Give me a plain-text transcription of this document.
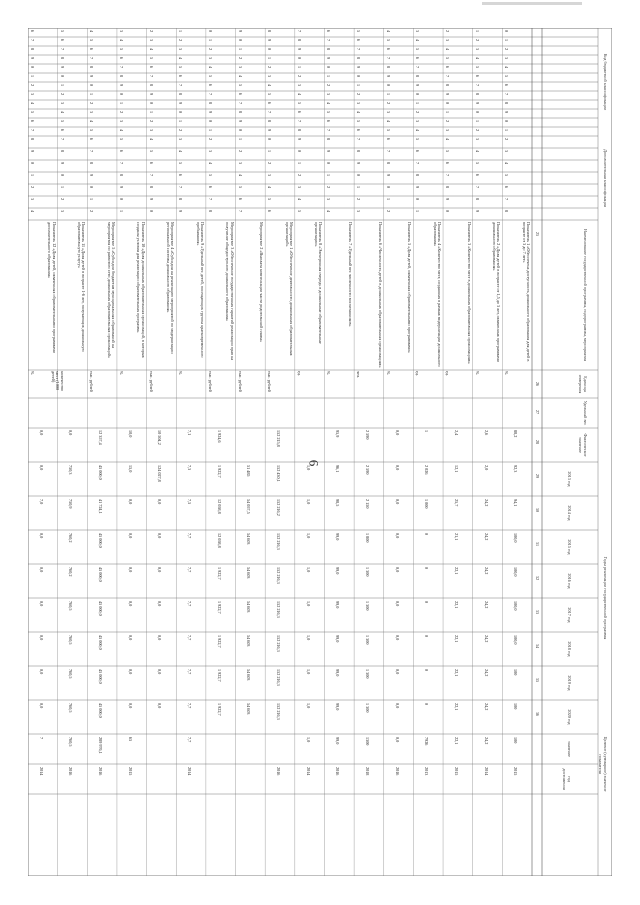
6
Код бюджетной классификации
Дополнительная классификация
Наименование государственной программы, подпрограммы, мероприятия
Единица измерения
Удельный вес
Фактическое значение
Годы реализации государственной программы
2013 год
2014 год
2015 год
2016 год
2017 год
2018 год
2019 год
2020 год
Целевое (суммарное) значение показателя
значение
год достижения
25
26
27
28
29
30
31
32
33
34
35
36
0
1
2
3
4
5
6
7
8
9
0
1
2
3
4
5
6
7
8
Показатель 1 «Обеспечена доступность дошкольного образования для детей в возрасте от 3 до 7 лет»
%
88,2
92,3
94,1
100,0
100,0
100,0
100,0
100
100
100
2015
1
2
3
4
5
6
7
8
9
0
1
2
3
4
5
6
7
8
9
Показатель 2 «Доля детей в возрасте от 1,5 до 3 лет, охваченных программами дошкольного образования»
%
2,6
2,0
24,2
24,2
24,2
24,2
24,2
24,2
24,2
24,2
2014
2
3
4
5
6
7
8
9
0
1
2
3
4
5
6
7
8
9
0
Показатель 3 «Количество мест в дошкольных образовательных организациях»
ед.
2,4
12,1
25,7
21,1
22,1
22,1
22,1
22,1
22,1
22,1
2015
3
4
5
6
7
8
9
0
1
2
3
4
5
6
7
8
9
0
1
Показатель 4 «Количество мест, созданных в рамках модернизации дошкольного образования»
ед.
1
2 026
1 000
0
0
0
0
0
0
7926
2013
4
5
6
7
8
9
0
1
2
3
4
5
6
7
8
9
0
1
2
Показатель 5 «Доля детей, охваченных образовательными программами»
%
0,0
0,0
0,0
0,0
0,0
0,0
0,0
0,0
0,0
0,0
2016
5
6
7
8
9
0
1
2
3
4
5
6
7
8
9
0
1
2
3
Показатель 6 «Численность детей в дошкольных образовательных организациях»
чел.
2 590
2 590
2 150
1 800
1 300
1 300
1 300
1 300
1 300
1300
2018
6
7
8
9
0
1
2
3
4
5
6
7
8
9
0
1
2
3
4
Показатель 7 «Удельный вес численности воспитанников»
%
95,9
96,1
98,5
99,0
99,0
99,0
99,0
99,0
99,0
99,0
2016
7
8
9
0
1
2
3
4
5
6
7
8
9
0
1
2
3
4
5
Показатель 8 «Электронная очередь в дошкольные образовательные организации»
ед.
1,0
1,0
1,0
1,0
1,0
1,0
1,0
1,0
1,0
2014
8
9
0
1
2
3
4
5
6
7
8
9
0
1
2
3
4
5
6
Мероприятие 1 «Обеспечение деятельности дошкольных образовательных организаций»
тыс. рублей
152 215,8
152 430,1
152 216,2
152 216,3
152 216,3
152 216,3
152 216,3
152 216,3
152 216,3
2016
9
0
1
2
3
4
5
6
7
8
9
0
1
2
3
4
5
6
7
Мероприятие 2 «Выплата компенсации части родительской платы»
тыс. рублей
51 485
54 057,5
54 603
54 603
54 603
54 603
54 603
54 603
0
1
2
3
4
5
6
7
8
9
0
1
2
3
4
5
6
7
8
Мероприятие 3 «Обеспечение государственных гарантий реализации прав на получение общедоступного дошкольного образования»
тыс. рублей
1 924,6
1 922,7
12 058,8
12 058,8
1 922,7
1 922,7
1 922,7
1 922,7
1 922,7
1
2
3
4
5
6
7
8
9
0
1
2
3
4
5
6
7
8
9
Показатель 9 «Удельный вес детей, посещающих группы кратковременного пребывания»
%
7,1
7,3
7,5
7,7
7,7
7,7
7,7
7,7
7,7
7,7
2014
2
3
4
5
6
7
8
9
0
1
2
3
4
5
6
7
8
9
0
Мероприятие 4 «Субсидия на реализацию мероприятий по модернизации региональной системы дошкольного образования»
тыс. рублей
10 504,2
124 027,8
0,0
0,0
0,0
0,0
0,0
0,0
0,0
3
4
5
6
7
8
9
0
1
2
3
4
5
6
7
8
9
0
1
Показатель 10 «Доля дошкольных образовательных организаций, в которых созданы условия для реализации образовательных программ»
%
10,0
15,0
0,0
0,0
0,0
0,0
0,0
0,0
0,0
65
2015
4
5
6
7
8
9
0
1
2
3
4
5
6
7
8
9
0
1
2
Мероприятие 5 «Субсидии бюджетам муниципальных образований на мероприятия по развитию сети дошкольных образовательных организаций»
тыс. рублей
12 357,4
45 000,0
41 724,1
45 000,0
45 000,0
45 000,0
45 000,0
45 000,0
45 000,0
289 976,1
2016
5
6
7
8
9
0
1
2
3
4
5
6
7
8
9
0
1
2
3
Показатель 11 «Доля детей в возрасте 1-6 лет, получающих дошкольную образовательную услугу»
количество мест (1000 детей)
0,0
750,3
750,9
760,2
760,2
760,5
760,5
760,5
760,5
760,5
2016
6
7
8
9
0
1
2
3
4
5
6
7
8
9
0
1
2
3
4
Показатель 12 «Доля детей, охваченных образовательными программами дополнительного образования»
%
0,0
0,0
7,0
0,0
0,0
0,0
0,0
0,0
0,0
7
2014
